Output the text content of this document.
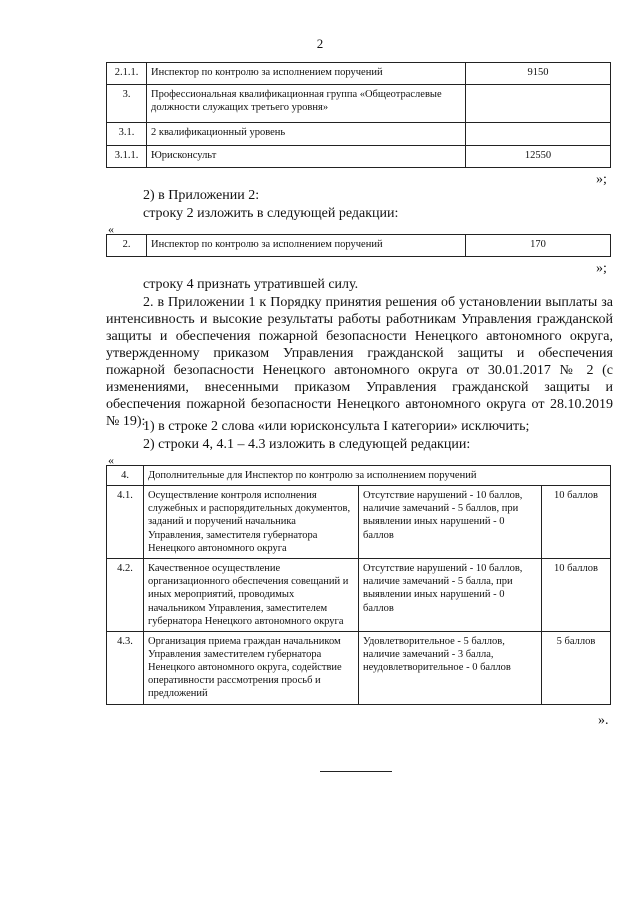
2
2.1.1.	Инспектор по контролю за исполнением поручений	9150
3.	Профессиональная квалификационная группа «Общеотраслевые должности служащих третьего уровня»	
3.1.	2 квалификационный уровень	
3.1.1.	Юрисконсульт	12550
»;
2) в Приложении 2:
строку 2 изложить в следующей редакции:
«
2.	Инспектор по контролю за исполнением поручений	170
»;
строку 4 признать утратившей силу.
2. в Приложении 1 к Порядку принятия решения об установлении выплаты за интенсивность и высокие результаты работы работникам Управления гражданской защиты и обеспечения пожарной безопасности Ненецкого автономного округа, утвержденному приказом Управления гражданской защиты и обеспечения пожарной безопасности Ненецкого автономного округа от 30.01.2017 № 2 (с изменениями, внесенными приказом Управления гражданской защиты и обеспечения пожарной безопасности Ненецкого автономного округа от 28.10.2019 № 19):
1) в строке 2 слова «или юрисконсульта I категории» исключить;
2) строки 4, 4.1 – 4.3 изложить в следующей редакции:
«
4.	Дополнительные для Инспектор по контролю за исполнением поручений		
4.1.	Осуществление контроля исполнения служебных и распорядительных документов, заданий и поручений начальника Управления, заместителя губернатора Ненецкого автономного округа	Отсутствие нарушений - 10 баллов, наличие замечаний - 5 баллов, при выявлении иных нарушений - 0 баллов	10 баллов
4.2.	Качественное осуществление организационного обеспечения совещаний и иных мероприятий, проводимых начальником Управления, заместителем губернатора Ненецкого автономного округа	Отсутствие нарушений - 10 баллов, наличие замечаний - 5 балла, при выявлении иных нарушений - 0 баллов	10 баллов
4.3.	Организация приема граждан начальником Управления заместителем губернатора Ненецкого автономного округа, содействие оперативности рассмотрения просьб и предложений	Удовлетворительное - 5 баллов, наличие замечаний - 3 балла, неудовлетворительное - 0 баллов	5 баллов
».
